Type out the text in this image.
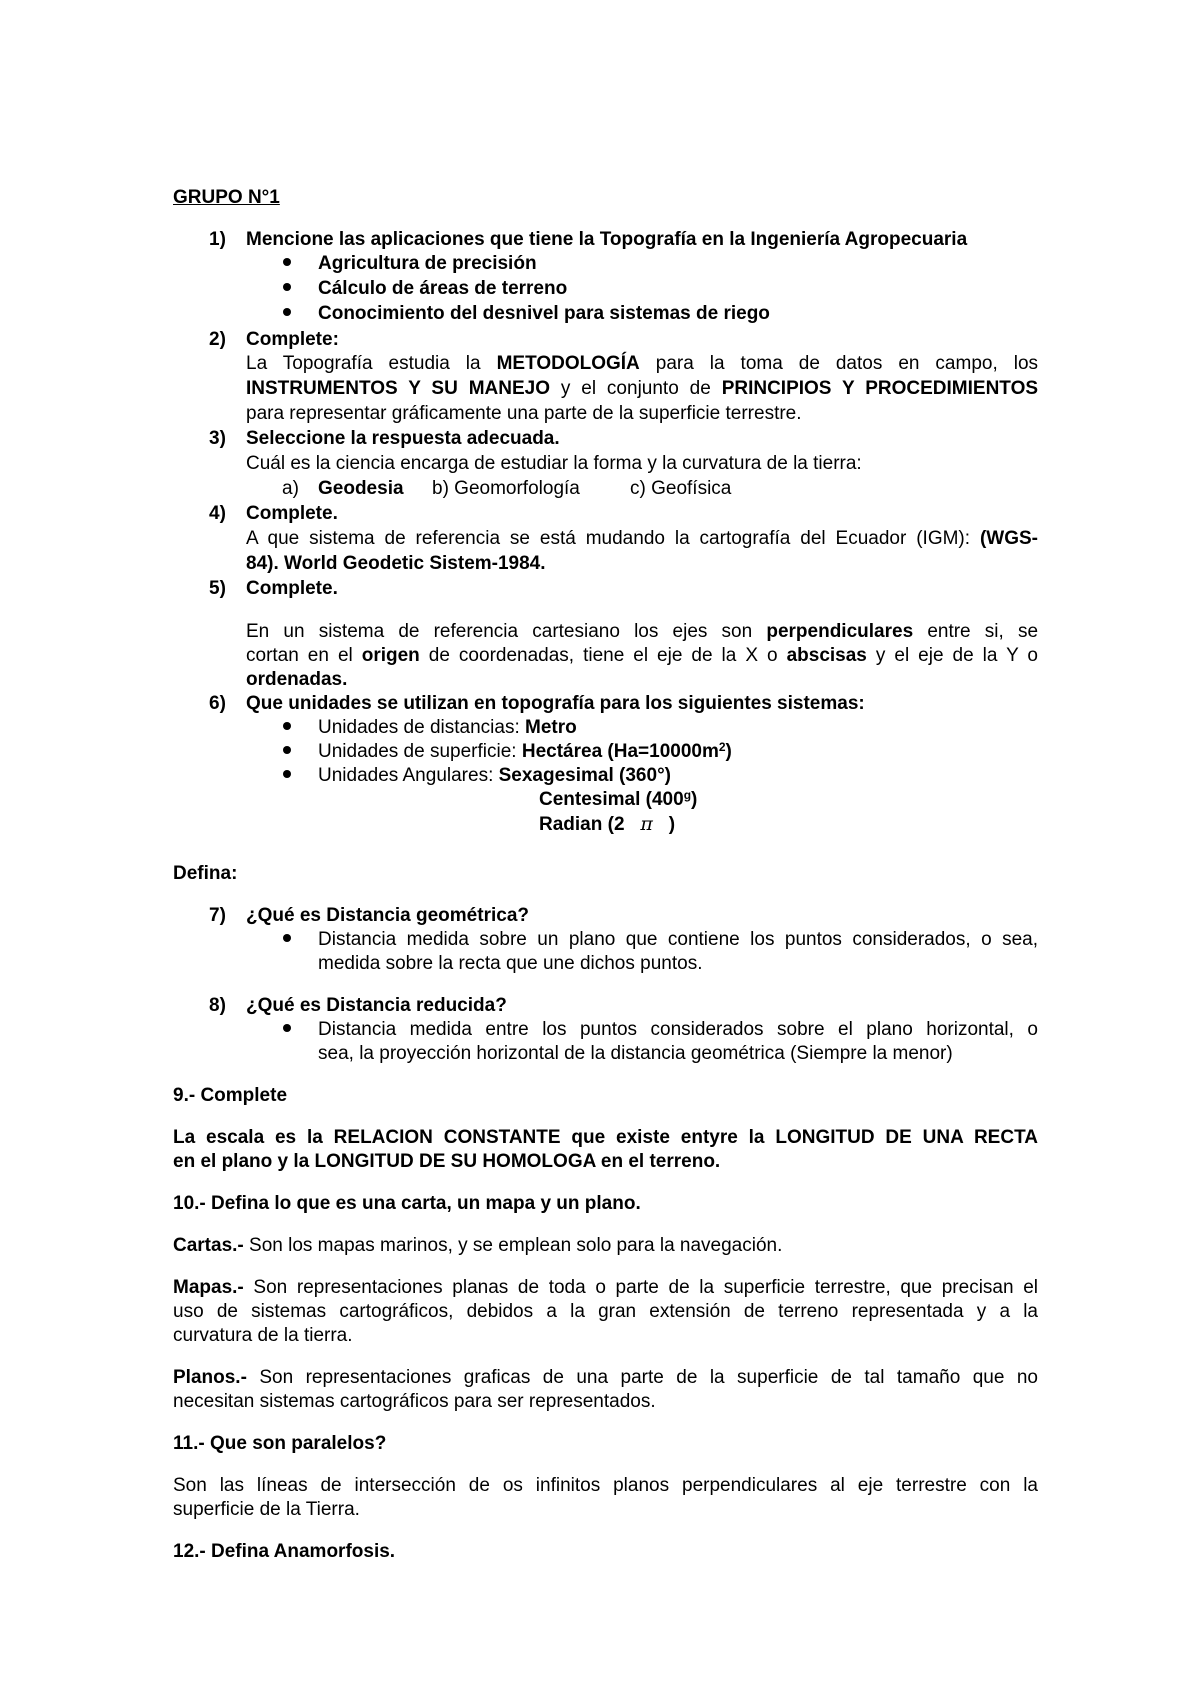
GRUPO N°1
1) Mencione las aplicaciones que tiene la Topografía en la Ingeniería Agropecuaria
Agricultura de precisión
Cálculo de áreas de terreno
Conocimiento del desnivel para sistemas de riego
2) Complete:
La Topografía estudia la METODOLOGÍA para la toma de datos en campo, los
INSTRUMENTOS Y SU MANEJO y el conjunto de PRINCIPIOS Y PROCEDIMIENTOS
para representar gráficamente una parte de la superficie terrestre.
3) Seleccione la respuesta adecuada.
Cuál es la ciencia encarga de estudiar la forma y la curvatura de la tierra:
a) Geodesia b) Geomorfología	c) Geofísica
4) Complete.
A que sistema de referencia se está mudando la cartografía del Ecuador (IGM): (WGS-
84). World Geodetic Sistem-1984.
5) Complete.
En un sistema de referencia cartesiano los ejes son perpendiculares entre si, se
cortan en el origen de coordenadas, tiene el eje de la X o abscisas y el eje de la Y o
ordenadas.
6) Que unidades se utilizan en topografía para los siguientes sistemas:
Unidades de distancias: Metro
Unidades de superficie: Hectárea $(Ha=10000m^2)$
Unidades Angulares: Sexagesimal (360°)
Centesimal (400$^g$)
Radian (2 π )
Defina:
7) ¿Qué es Distancia geométrica?
Distancia medida sobre un plano que contiene los puntos considerados, o sea,
medida sobre la recta que une dichos puntos.
8) ¿Qué es Distancia reducida?
Distancia medida entre los puntos considerados sobre el plano horizontal, o
sea, la proyección horizontal de la distancia geométrica (Siempre la menor)
9.- Complete
La escala es la RELACION CONSTANTE que existe entyre la LONGITUD DE UNA RECTA
en el plano y la LONGITUD DE SU HOMOLOGA en el terreno.
10.- Defina lo que es una carta, un mapa y un plano.
Cartas.- Son los mapas marinos, y se emplean solo para la navegación.
Mapas.- Son representaciones planas de toda o parte de la superficie terrestre, que precisan el
uso de sistemas cartográficos, debidos a la gran extensión de terreno representada y a la
curvatura de la tierra.
Planos.- Son representaciones graficas de una parte de la superficie de tal tamaño que no
necesitan sistemas cartográficos para ser representados.
11.- Que son paralelos?
Son las líneas de intersección de os infinitos planos perpendiculares al eje terrestre con la
superficie de la Tierra.
12.- Defina Anamorfosis.
